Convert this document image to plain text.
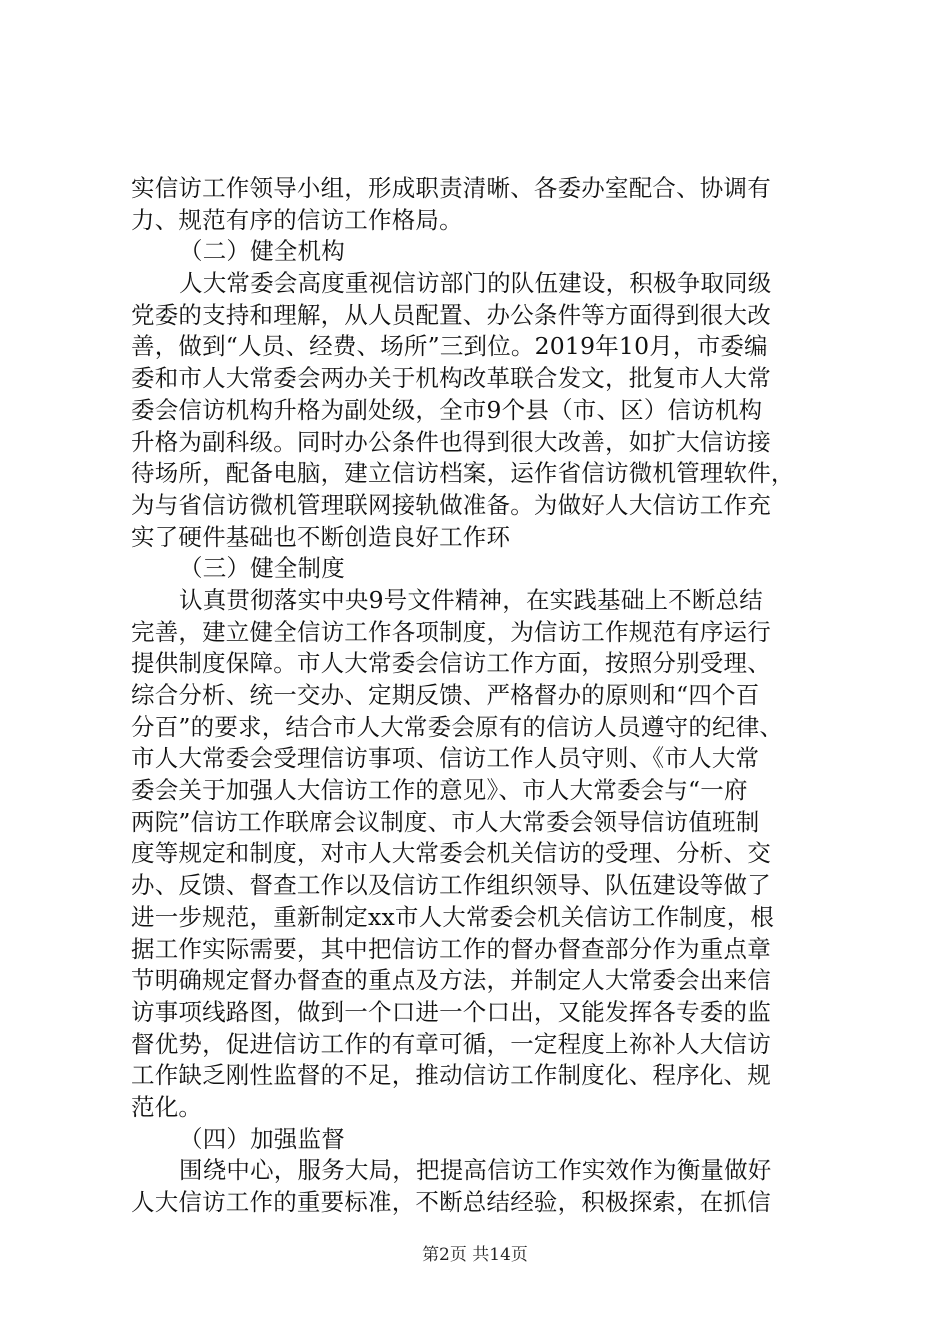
实信访工作领导小组，形成职责清晰、各委办室配合、协调有
力、规范有序的信访工作格局。
（二）健全机构
人大常委会高度重视信访部门的队伍建设，积极争取同级
党委的支持和理解，从人员配置、办公条件等方面得到很大改
善，做到“人员、经费、场所”三到位。2019年10月，市委编
委和市人大常委会两办关于机构改革联合发文，批复市人大常
委会信访机构升格为副处级，全市9个县（市、区）信访机构
升格为副科级。同时办公条件也得到很大改善，如扩大信访接
待场所，配备电脑，建立信访档案，运作省信访微机管理软件，
为与省信访微机管理联网接轨做准备。为做好人大信访工作充
实了硬件基础也不断创造良好工作环
（三）健全制度
认真贯彻落实中央9号文件精神，在实践基础上不断总结
完善，建立健全信访工作各项制度，为信访工作规范有序运行
提供制度保障。市人大常委会信访工作方面，按照分别受理、
综合分析、统一交办、定期反馈、严格督办的原则和“四个百
分百”的要求，结合市人大常委会原有的信访人员遵守的纪律、
市人大常委会受理信访事项、信访工作人员守则、《市人大常
委会关于加强人大信访工作的意见》、市人大常委会与“一府
两院”信访工作联席会议制度、市人大常委会领导信访值班制
度等规定和制度，对市人大常委会机关信访的受理、分析、交
办、反馈、督查工作以及信访工作组织领导、队伍建设等做了
进一步规范，重新制定xx市人大常委会机关信访工作制度，根
据工作实际需要，其中把信访工作的督办督查部分作为重点章
节明确规定督办督查的重点及方法，并制定人大常委会出来信
访事项线路图，做到一个口进一个口出，又能发挥各专委的监
督优势，促进信访工作的有章可循，一定程度上祢补人大信访
工作缺乏刚性监督的不足，推动信访工作制度化、程序化、规
范化。
（四）加强监督
围绕中心，服务大局，把提高信访工作实效作为衡量做好
人大信访工作的重要标准，不断总结经验，积极探索，在抓信
第2页 共14页
